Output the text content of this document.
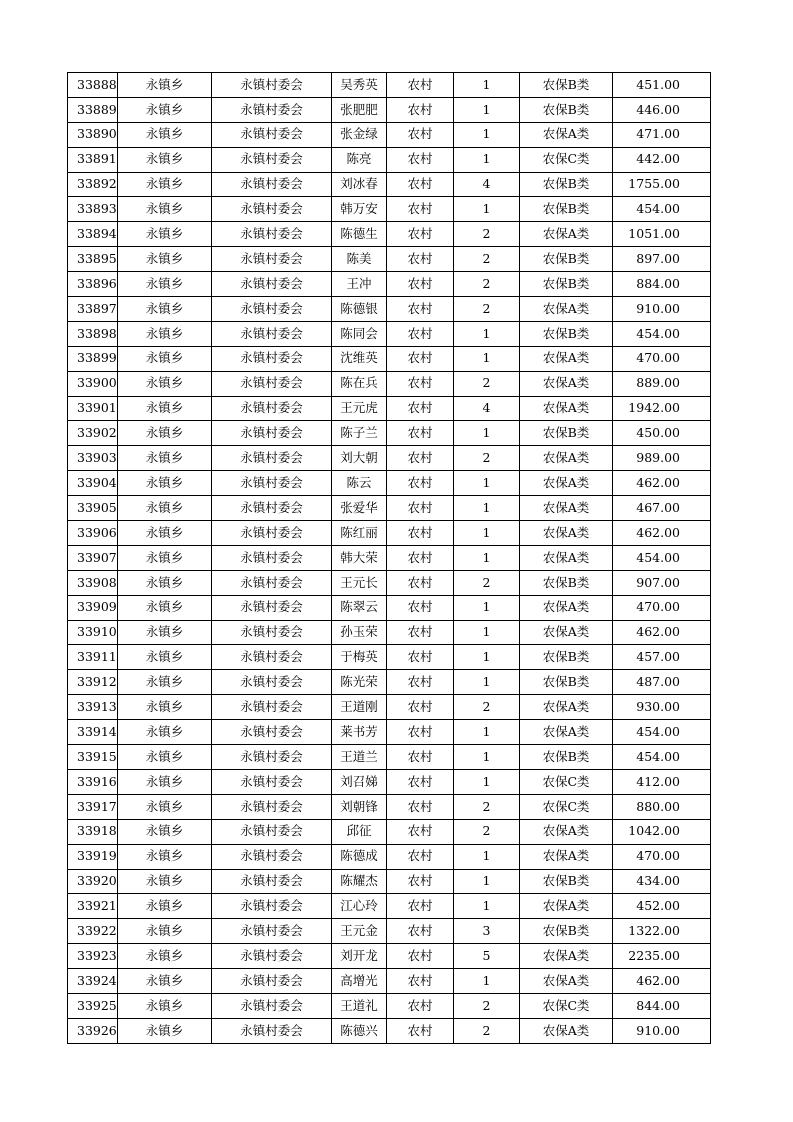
33888	永镇乡	永镇村委会	吴秀英	农村	1	农保B类	451.00
33889	永镇乡	永镇村委会	张肥肥	农村	1	农保B类	446.00
33890	永镇乡	永镇村委会	张金绿	农村	1	农保A类	471.00
33891	永镇乡	永镇村委会	陈亮	农村	1	农保C类	442.00
33892	永镇乡	永镇村委会	刘冰春	农村	4	农保B类	1755.00
33893	永镇乡	永镇村委会	韩万安	农村	1	农保B类	454.00
33894	永镇乡	永镇村委会	陈德生	农村	2	农保A类	1051.00
33895	永镇乡	永镇村委会	陈美	农村	2	农保B类	897.00
33896	永镇乡	永镇村委会	王冲	农村	2	农保B类	884.00
33897	永镇乡	永镇村委会	陈德银	农村	2	农保A类	910.00
33898	永镇乡	永镇村委会	陈同会	农村	1	农保B类	454.00
33899	永镇乡	永镇村委会	沈维英	农村	1	农保A类	470.00
33900	永镇乡	永镇村委会	陈在兵	农村	2	农保A类	889.00
33901	永镇乡	永镇村委会	王元虎	农村	4	农保A类	1942.00
33902	永镇乡	永镇村委会	陈子兰	农村	1	农保B类	450.00
33903	永镇乡	永镇村委会	刘大朝	农村	2	农保A类	989.00
33904	永镇乡	永镇村委会	陈云	农村	1	农保A类	462.00
33905	永镇乡	永镇村委会	张爱华	农村	1	农保A类	467.00
33906	永镇乡	永镇村委会	陈红丽	农村	1	农保A类	462.00
33907	永镇乡	永镇村委会	韩大荣	农村	1	农保A类	454.00
33908	永镇乡	永镇村委会	王元长	农村	2	农保B类	907.00
33909	永镇乡	永镇村委会	陈翠云	农村	1	农保A类	470.00
33910	永镇乡	永镇村委会	孙玉荣	农村	1	农保A类	462.00
33911	永镇乡	永镇村委会	于梅英	农村	1	农保B类	457.00
33912	永镇乡	永镇村委会	陈光荣	农村	1	农保B类	487.00
33913	永镇乡	永镇村委会	王道刚	农村	2	农保A类	930.00
33914	永镇乡	永镇村委会	莱书芳	农村	1	农保A类	454.00
33915	永镇乡	永镇村委会	王道兰	农村	1	农保B类	454.00
33916	永镇乡	永镇村委会	刘召娣	农村	1	农保C类	412.00
33917	永镇乡	永镇村委会	刘朝锋	农村	2	农保C类	880.00
33918	永镇乡	永镇村委会	邱征	农村	2	农保A类	1042.00
33919	永镇乡	永镇村委会	陈德成	农村	1	农保A类	470.00
33920	永镇乡	永镇村委会	陈耀杰	农村	1	农保B类	434.00
33921	永镇乡	永镇村委会	江心玲	农村	1	农保A类	452.00
33922	永镇乡	永镇村委会	王元金	农村	3	农保B类	1322.00
33923	永镇乡	永镇村委会	刘开龙	农村	5	农保A类	2235.00
33924	永镇乡	永镇村委会	高增光	农村	1	农保A类	462.00
33925	永镇乡	永镇村委会	王道礼	农村	2	农保C类	844.00
33926	永镇乡	永镇村委会	陈德兴	农村	2	农保A类	910.00
